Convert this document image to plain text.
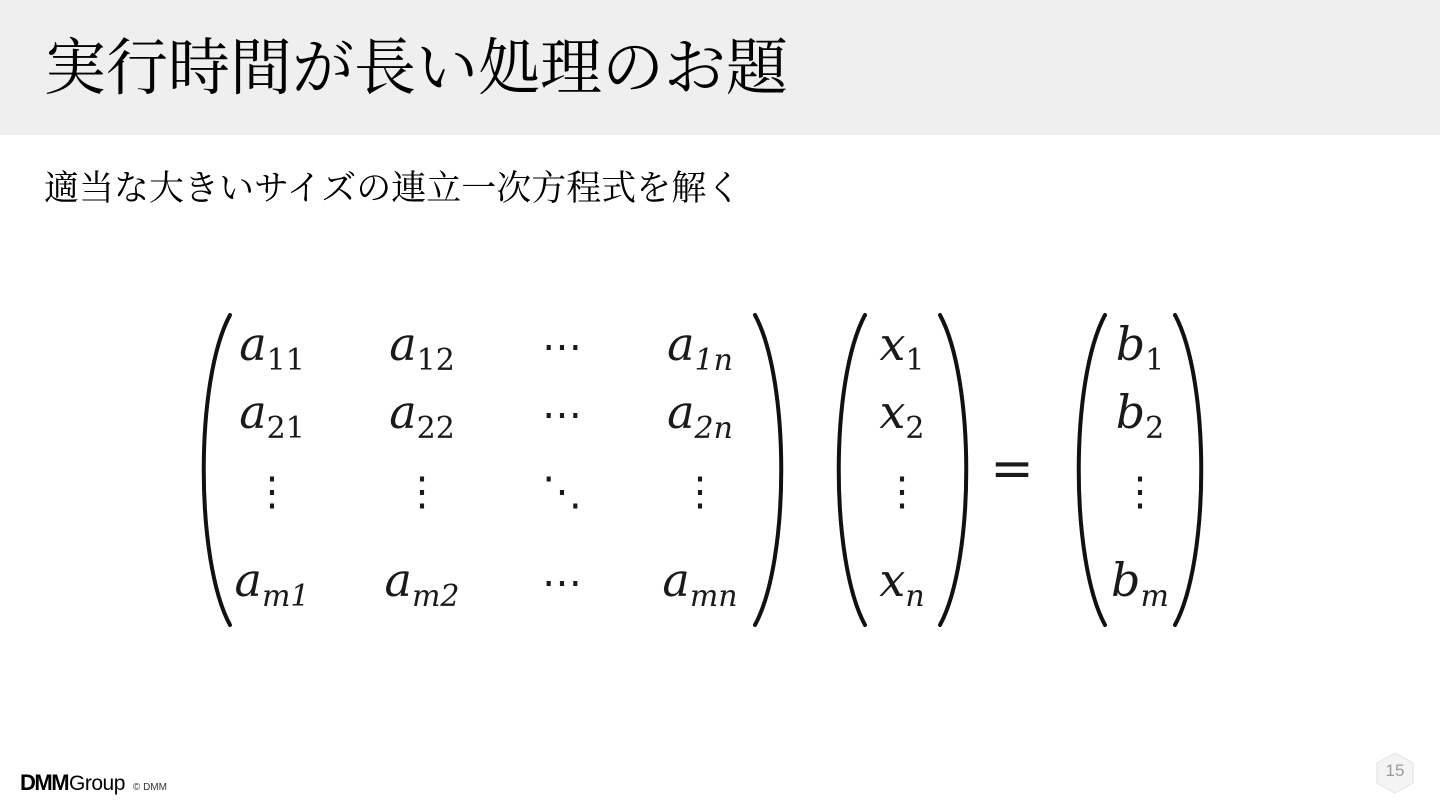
実行時間が長い処理のお題

適当な大きいサイズの連立一次方程式を解く

=
$a_{11}$ $a_{12}$ ⋯ $a_{1n}$
$a_{21}$ $a_{22}$ ⋯ $a_{2n}$
⋮	⋮	⋱ ⋮
$a_{m1}$ $a_{m2}$ ⋯ $a_{mn}$
$x_1$
$x_2$
⋮
$x_n$
$b_1$
$b_2$
⋮
$b_m$
DMMGroup © DMM
15
